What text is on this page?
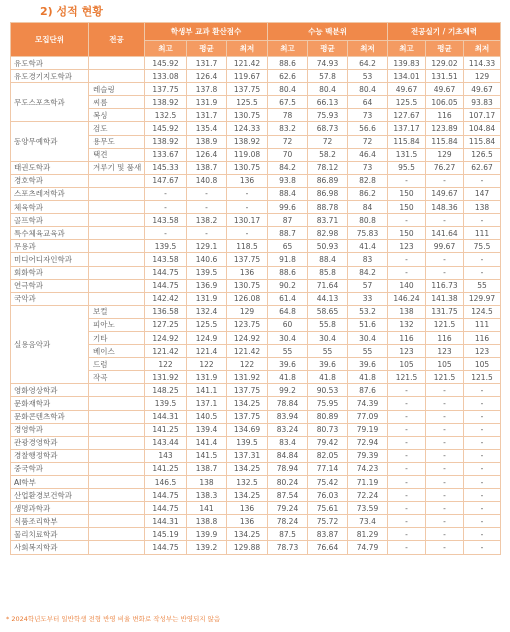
2) 성적 현황
모집단위	전공	학생부 교과 환산점수			수능 백분위			전공실기 / 기초체력		
		최고	평균	최저	최고	평균	최저	최고	평균	최저
유도학과		145.92	131.7	121.42	88.6	74.93	64.2	139.83	129.02	114.33
유도경기지도학과		133.08	126.4	119.67	62.6	57.8	53	134.01	131.51	129
무도스포츠학과	레슬링	137.75	137.8	137.75	80.4	80.4	80.4	49.67	49.67	49.67
	씨름	138.92	131.9	125.5	67.5	66.13	64	125.5	106.05	93.83
	복싱	132.5	131.7	130.75	78	75.93	73	127.67	116	107.17
동양무예학과	검도	145.92	135.4	124.33	83.2	68.73	56.6	137.17	123.89	104.84
	용무도	138.92	138.9	138.92	72	72	72	115.84	115.84	115.84
	택견	133.67	126.4	119.08	70	58.2	46.4	131.5	129	126.5
태권도학과	겨루기 및 품새	145.33	138.7	130.75	84.2	78.12	73	95.5	76.27	62.67
경호학과		147.67	140.8	136	93.8	86.89	82.8	-	-	-
스포츠레저학과		-	-	-	88.4	86.98	86.2	150	149.67	147
체육학과		-	-	-	99.6	88.78	84	150	148.36	138
골프학과		143.58	138.2	130.17	87	83.71	80.8	-	-	-
특수체육교육과		-	-	-	88.7	82.98	75.83	150	141.64	111
무용과		139.5	129.1	118.5	65	50.93	41.4	123	99.67	75.5
미디어디자인학과		143.58	140.6	137.75	91.8	88.4	83	-	-	-
회화학과		144.75	139.5	136	88.6	85.8	84.2	-	-	-
연극학과		144.75	136.9	130.75	90.2	71.64	57	140	116.73	55
국악과		142.42	131.9	126.08	61.4	44.13	33	146.24	141.38	129.97
실용음악과	보컬	136.58	132.4	129	64.8	58.65	53.2	138	131.75	124.5
	피아노	127.25	125.5	123.75	60	55.8	51.6	132	121.5	111
	기타	124.92	124.9	124.92	30.4	30.4	30.4	116	116	116
	베이스	121.42	121.4	121.42	55	55	55	123	123	123
	드럼	122	122	122	39.6	39.6	39.6	105	105	105
	작곡	131.92	131.9	131.92	41.8	41.8	41.8	121.5	121.5	121.5
영화영상학과		148.25	141.1	137.75	99.2	90.53	87.6	-	-	-
문화재학과		139.5	137.1	134.25	78.84	75.95	74.39	-	-	-
문화콘텐츠학과		144.31	140.5	137.75	83.94	80.89	77.09	-	-	-
경영학과		141.25	139.4	134.69	83.24	80.73	79.19	-	-	-
관광경영학과		143.44	141.4	139.5	83.4	79.42	72.94	-	-	-
경찰행정학과		143	141.5	137.31	84.84	82.05	79.39	-	-	-
중국학과		141.25	138.7	134.25	78.94	77.14	74.23	-	-	-
AI학부		146.5	138	132.5	80.24	75.42	71.19	-	-	-
산업환경보건학과		144.75	138.3	134.25	87.54	76.03	72.24	-	-	-
생명과학과		144.75	141	136	79.24	75.61	73.59	-	-	-
식품조리학부		144.31	138.8	136	78.24	75.72	73.4	-	-	-
물리치료학과		145.19	139.9	134.25	87.5	83.87	81.29	-	-	-
사회복지학과		144.75	139.2	129.88	78.73	76.64	74.79	-	-	-
* 2024학년도부터 일반학생 전형 반영 비율 변화로 작성부는 반영되지 않음
